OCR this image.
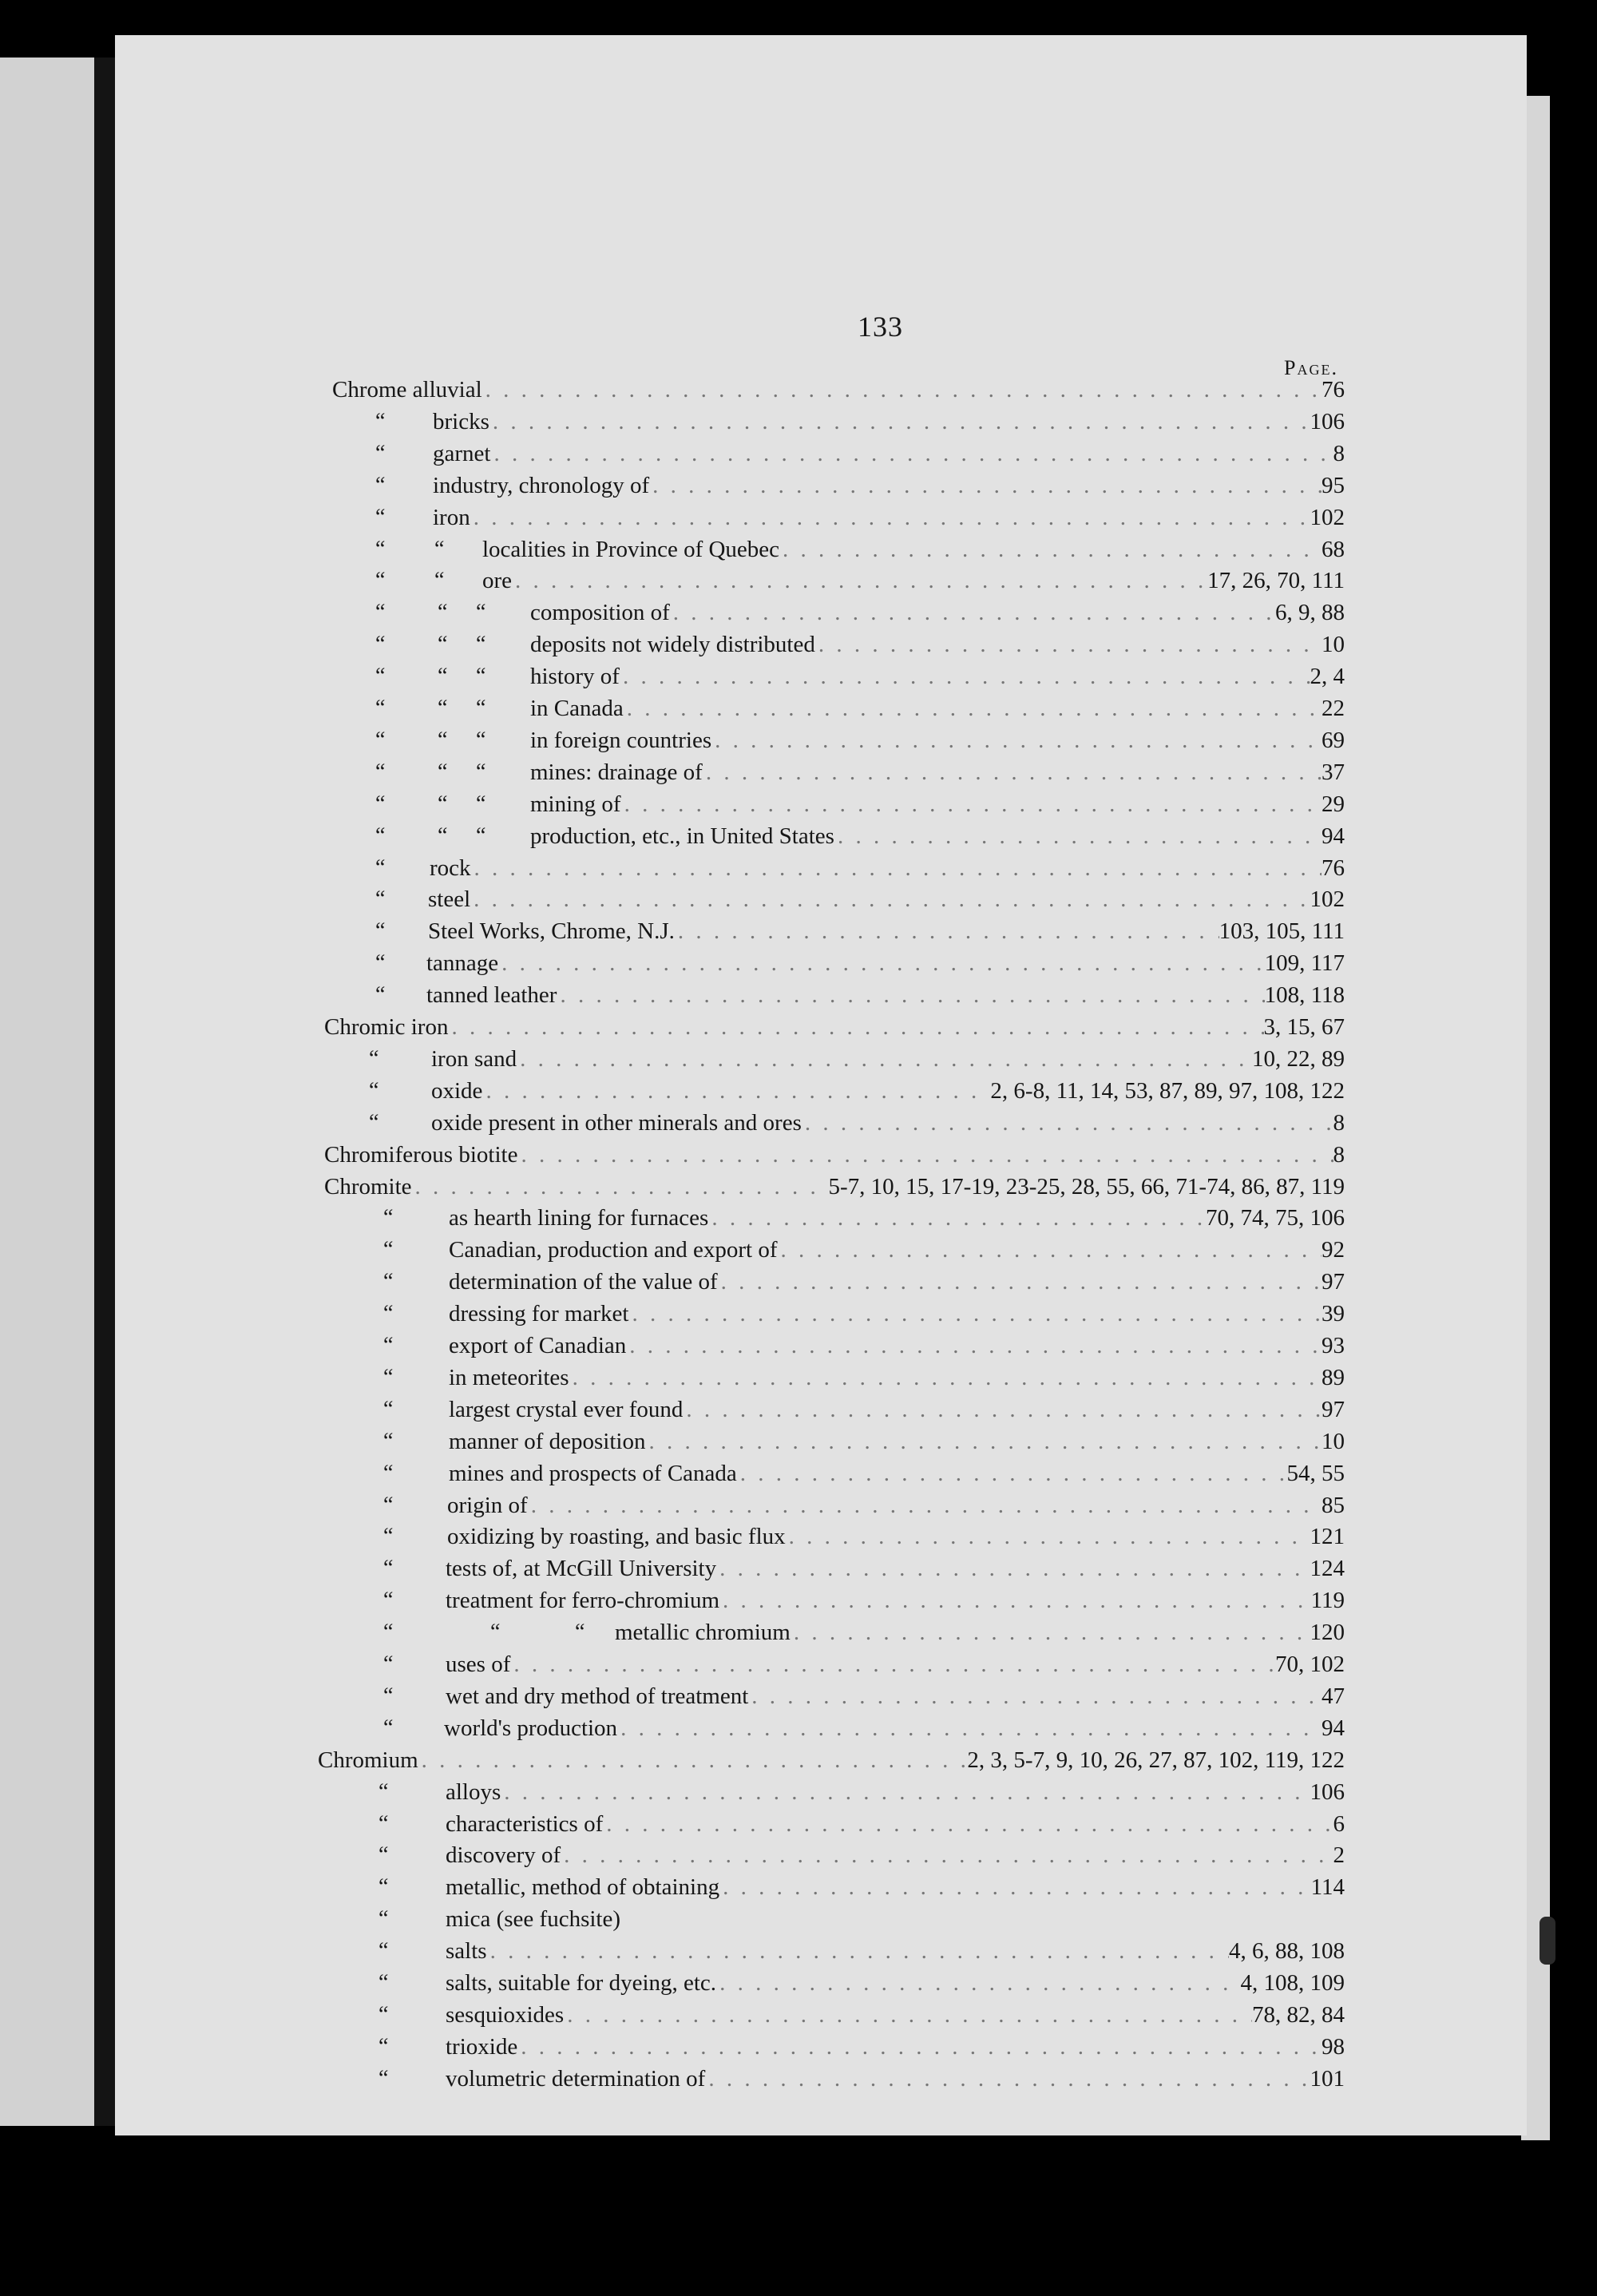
133
Page.
Chrome alluvial . . .	76
“ bricks . . .	106
“ garnet . . .	8
“ industry, chronology of . . .	95
“ iron . . .	102
“ “ localities in Province of Quebec . . .	68
“ “ ore . . .	17, 26, 70, 111
“ “ “ composition of . . .	6, 9, 88
“ “ “ deposits not widely distributed . . .	10
“ “ “ history of . . .	2, 4
“ “ “ in Canada . . .	22
“ “ “ in foreign countries . . .	69
“ “ “ mines: drainage of . . .	37
“ “ “ mining of . . .	29
“ “ “ production, etc., in United States . . .	94
“ rock . . .	76
“ steel . . .	102
“ Steel Works, Chrome, N.J. . . .	103, 105, 111
“ tannage . . .	109, 117
“ tanned leather . . .	108, 118
Chromic iron . . .	3, 15, 67
“ iron sand . . .	10, 22, 89
“ oxide . . .	2, 6-8, 11, 14, 53, 87, 89, 97, 108, 122
“ oxide present in other minerals and ores . . .	8
Chromiferous biotite . . .	8
Chromite . . .	5-7, 10, 15, 17-19, 23-25, 28, 55, 66, 71-74, 86, 87, 119
“ as hearth lining for furnaces . . .	70, 74, 75, 106
“ Canadian, production and export of . . .	92
“ determination of the value of . . .	97
“ dressing for market . . .	39
“ export of Canadian . . .	93
“ in meteorites . . .	89
“ largest crystal ever found . . .	97
“ manner of deposition . . .	10
“ mines and prospects of Canada . . .	54, 55
“ origin of . . .	85
“ oxidizing by roasting, and basic flux . . .	121
“ tests of, at McGill University . . .	124
“ treatment for ferro-chromium . . .	119
“	“	“ metallic chromium . . .	120
“ uses of . . .	70, 102
“ wet and dry method of treatment . . .	47
“ world's production . . .	94
Chromium . . .	2, 3, 5-7, 9, 10, 26, 27, 87, 102, 119, 122
“ alloys . . .	106
“ characteristics of . . .	6
“ discovery of . . .	2
“ metallic, method of obtaining . . .	114
“ mica (see fuchsite)
“ salts . . .	4, 6, 88, 108
“ salts, suitable for dyeing, etc. . . .	4, 108, 109
“ sesquioxides . . .	78, 82, 84
“ trioxide . . .	98
“ volumetric determination of . . .	101
